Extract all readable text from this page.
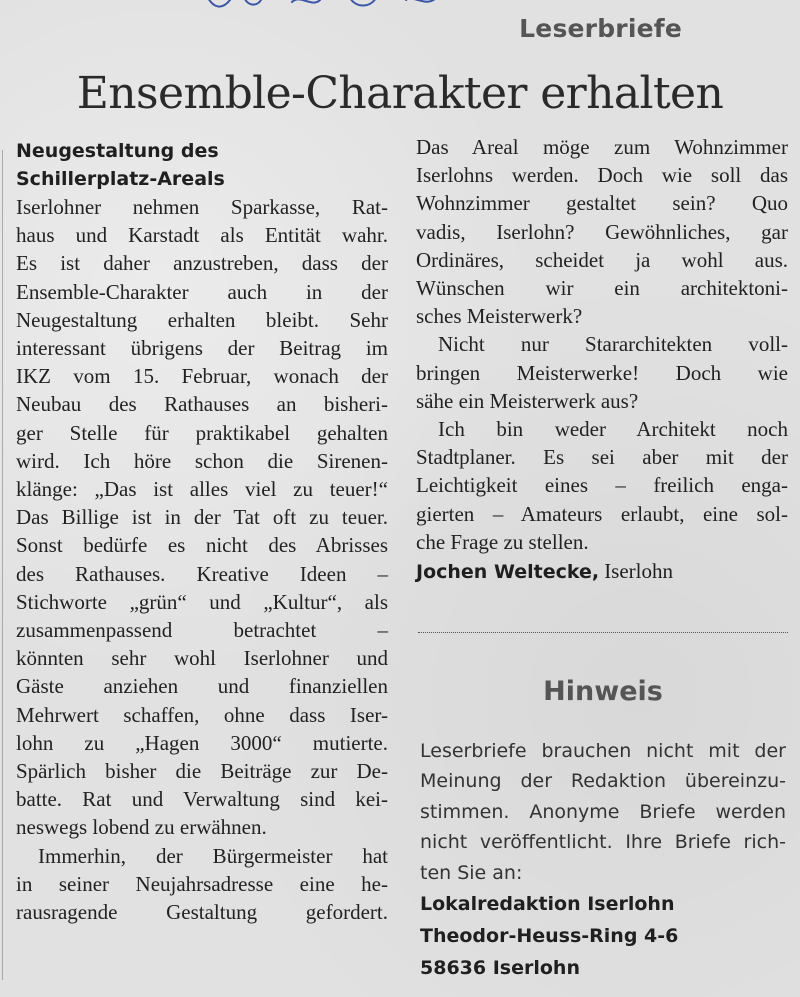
Leserbriefe
Ensemble-Charakter erhalten
Neugestaltung des
Schillerplatz-Areals
Iserlohner nehmen Sparkasse, Rat-
haus und Karstadt als Entität wahr.
Es ist daher anzustreben, dass der
Ensemble-Charakter auch in der
Neugestaltung erhalten bleibt. Sehr
interessant übrigens der Beitrag im
IKZ vom 15. Februar, wonach der
Neubau des Rathauses an bisheri-
ger Stelle für praktikabel gehalten
wird. Ich höre schon die Sirenen-
klänge: „Das ist alles viel zu teuer!“
Das Billige ist in der Tat oft zu teuer.
Sonst bedürfe es nicht des Abrisses
des Rathauses. Kreative Ideen –
Stichworte „grün“ und „Kultur“, als
zusammenpassend betrachtet –
könnten sehr wohl Iserlohner und
Gäste anziehen und finanziellen
Mehrwert schaffen, ohne dass Iser-
lohn zu „Hagen 3000“ mutierte.
Spärlich bisher die Beiträge zur De-
batte. Rat und Verwaltung sind kei-
neswegs lobend zu erwähnen.
Immerhin, der Bürgermeister hat
in seiner Neujahrsadresse eine he-
rausragende Gestaltung gefordert.
Das Areal möge zum Wohnzimmer
Iserlohns werden. Doch wie soll das
Wohnzimmer gestaltet sein? Quo
vadis, Iserlohn? Gewöhnliches, gar
Ordinäres, scheidet ja wohl aus.
Wünschen wir ein architektoni-
sches Meisterwerk?
Nicht nur Stararchitekten voll-
bringen Meisterwerke! Doch wie
sähe ein Meisterwerk aus?
Ich bin weder Architekt noch
Stadtplaner. Es sei aber mit der
Leichtigkeit eines – freilich enga-
gierten – Amateurs erlaubt, eine sol-
che Frage zu stellen.
Jochen Weltecke, Iserlohn
Hinweis
Leserbriefe brauchen nicht mit der
Meinung der Redaktion übereinzu-
stimmen. Anonyme Briefe werden
nicht veröffentlicht. Ihre Briefe rich-
ten Sie an:
Lokalredaktion Iserlohn
Theodor-Heuss-Ring 4-6
58636 Iserlohn
